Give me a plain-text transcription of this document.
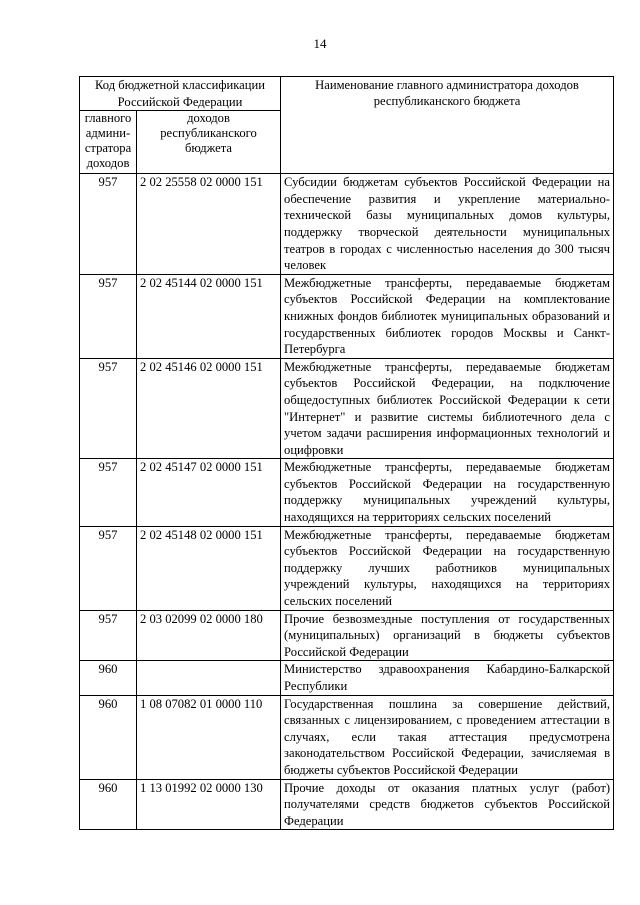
14
Код бюджетной классификации Российской Федерации		Наименование главного администратора доходов республиканского бюджета
главного админи-стратора доходов	доходов республиканского бюджета	
957	2 02 25558 02 0000 151	Субсидии бюджетам субъектов Российской Федерации на обеспечение развития и укрепление материально-технической базы муниципальных домов культуры, поддержку творческой деятельности муниципальных театров в городах с численностью населения до 300 тысяч человек
957	2 02 45144 02 0000 151	Межбюджетные трансферты, передаваемые бюджетам субъектов Российской Федерации на комплектование книжных фондов библиотек муниципальных образований и государственных библиотек городов Москвы и Санкт-Петербурга
957	2 02 45146 02 0000 151	Межбюджетные трансферты, передаваемые бюджетам субъектов Российской Федерации, на подключение общедоступных библиотек Российской Федерации к сети "Интернет" и развитие системы библиотечного дела с учетом задачи расширения информационных технологий и оцифровки
957	2 02 45147 02 0000 151	Межбюджетные трансферты, передаваемые бюджетам субъектов Российской Федерации на государственную поддержку муниципальных учреждений культуры, находящихся на территориях сельских поселений
957	2 02 45148 02 0000 151	Межбюджетные трансферты, передаваемые бюджетам субъектов Российской Федерации на государственную поддержку лучших работников муниципальных учреждений культуры, находящихся на территориях сельских поселений
957	2 03 02099 02 0000 180	Прочие безвозмездные поступления от государственных (муниципальных) организаций в бюджеты субъектов Российской Федерации
960		Министерство здравоохранения Кабардино-Балкарской Республики
960	1 08 07082 01 0000 110	Государственная пошлина за совершение действий, связанных с лицензированием, с проведением аттестации в случаях, если такая аттестация предусмотрена законодательством Российской Федерации, зачисляемая в бюджеты субъектов Российской Федерации
960	1 13 01992 02 0000 130	Прочие доходы от оказания платных услуг (работ) получателями средств бюджетов субъектов Российской Федерации
